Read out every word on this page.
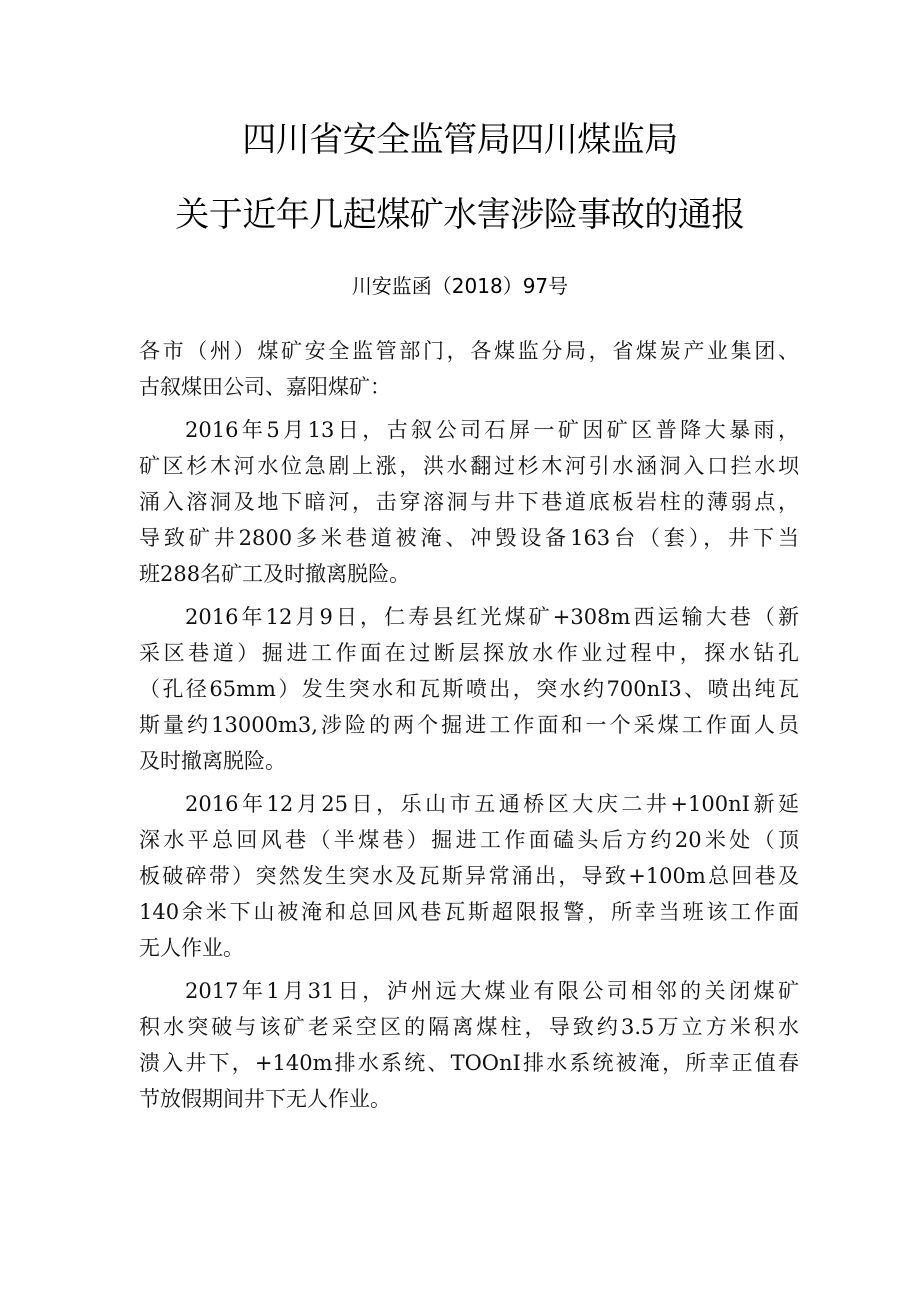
四川省安全监管局四川煤监局
关于近年几起煤矿水害涉险事故的通报
川安监函（2018）97号
各市（州）煤矿安全监管部门，各煤监分局，省煤炭产业集团、
古叙煤田公司、嘉阳煤矿：
2016年5月13日，古叙公司石屏一矿因矿区普降大暴雨，
矿区杉木河水位急剧上涨，洪水翻过杉木河引水涵洞入口拦水坝
涌入溶洞及地下暗河，击穿溶洞与井下巷道底板岩柱的薄弱点，
导致矿井2800多米巷道被淹、冲毁设备163台（套），井下当
班288名矿工及时撤离脱险。
2016年12月9日，仁寿县红光煤矿+308m西运输大巷（新
采区巷道）掘进工作面在过断层探放水作业过程中，探水钻孔
（孔径65mm）发生突水和瓦斯喷出，突水约700nI3、喷出纯瓦
斯量约13000m3,涉险的两个掘进工作面和一个采煤工作面人员
及时撤离脱险。
2016年12月25日，乐山市五通桥区大庆二井+100nI新延
深水平总回风巷（半煤巷）掘进工作面磕头后方约20米处（顶
板破碎带）突然发生突水及瓦斯异常涌出，导致+100m总回巷及
140余米下山被淹和总回风巷瓦斯超限报警，所幸当班该工作面
无人作业。
2017年1月31日，泸州远大煤业有限公司相邻的关闭煤矿
积水突破与该矿老采空区的隔离煤柱，导致约3.5万立方米积水
溃入井下，+140m排水系统、TOOnI排水系统被淹，所幸正值春
节放假期间井下无人作业。
